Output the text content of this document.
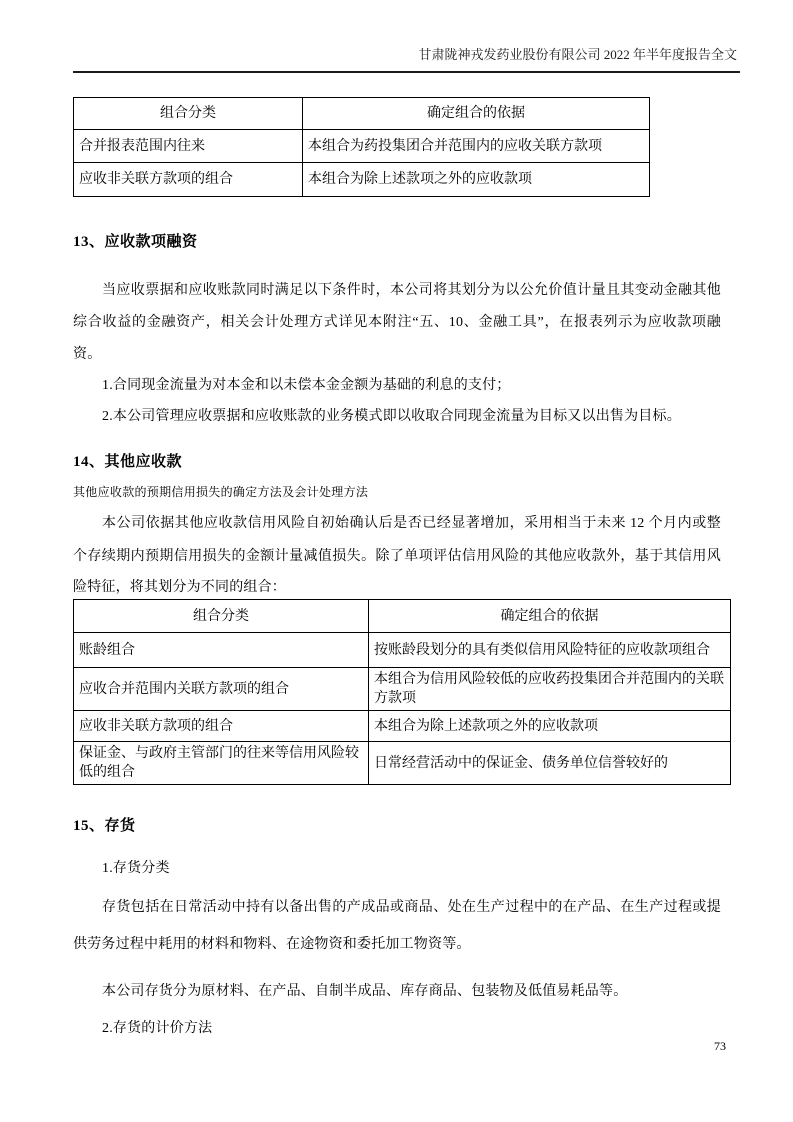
甘肃陇神戎发药业股份有限公司 2022 年半年度报告全文
组合分类	确定组合的依据
合并报表范围内往来	本组合为药投集团合并范围内的应收关联方款项
应收非关联方款项的组合	本组合为除上述款项之外的应收款项
13、应收款项融资
当应收票据和应收账款同时满足以下条件时，本公司将其划分为以公允价值计量且其变动金融其他
综合收益的金融资产，相关会计处理方式详见本附注“五、10、金融工具”，在报表列示为应收款项融
资。
1.合同现金流量为对本金和以未偿本金金额为基础的利息的支付；
2.本公司管理应收票据和应收账款的业务模式即以收取合同现金流量为目标又以出售为目标。
14、其他应收款
其他应收款的预期信用损失的确定方法及会计处理方法
本公司依据其他应收款信用风险自初始确认后是否已经显著增加，采用相当于未来 12 个月内或整
个存续期内预期信用损失的金额计量减值损失。除了单项评估信用风险的其他应收款外，基于其信用风
险特征，将其划分为不同的组合：
组合分类	确定组合的依据
账龄组合	按账龄段划分的具有类似信用风险特征的应收款项组合
应收合并范围内关联方款项的组合	本组合为信用风险较低的应收药投集团合并范围内的关联方款项
应收非关联方款项的组合	本组合为除上述款项之外的应收款项
保证金、与政府主管部门的往来等信用风险较低的组合	日常经营活动中的保证金、债务单位信誉较好的
15、存货
1.存货分类
存货包括在日常活动中持有以备出售的产成品或商品、处在生产过程中的在产品、在生产过程或提
供劳务过程中耗用的材料和物料、在途物资和委托加工物资等。
本公司存货分为原材料、在产品、自制半成品、库存商品、包装物及低值易耗品等。
2.存货的计价方法
73
